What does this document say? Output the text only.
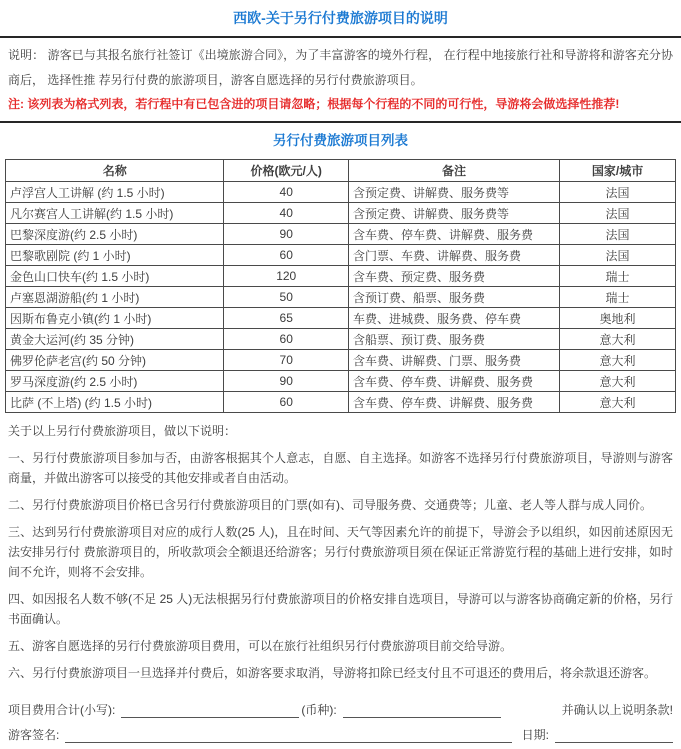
西欧-关于另行付费旅游项目的说明

说明： 游客已与其报名旅行社签订《出境旅游合同》，为了丰富游客的境外行程， 在行程中地接旅行社和导游将和游客充分协商后， 选择性推 荐另行付费的旅游项目，游客自愿选择的另行付费旅游项目。

注: 该列表为格式列表，若行程中有已包含进的项目请忽略；根据每个行程的不同的可行性，导游将会做选择性推荐!

另行付费旅游项目列表
名称	价格(欧元/人)	备注	国家/城市
卢浮宫人工讲解 (约 1.5 小时)	40	含预定费、讲解费、服务费等	法国
凡尔赛宫人工讲解(约 1.5 小时)	40	含预定费、讲解费、服务费等	法国
巴黎深度游(约 2.5 小时)	90	含车费、停车费、讲解费、服务费	法国
巴黎歌剧院 (约 1 小时)	60	含门票、车费、讲解费、服务费	法国
金色山口快车(约 1.5 小时)	120	含车费、预定费、服务费	瑞士
卢塞恩湖游船(约 1 小时)	50	含预订费、船票、服务费	瑞士
因斯布鲁克小镇(约 1 小时)	65	车费、进城费、服务费、停车费	奥地利
黄金大运河(约 35 分钟)	60	含船票、预订费、服务费	意大利
佛罗伦萨老宫(约 50 分钟)	70	含车费、讲解费、门票、服务费	意大利
罗马深度游(约 2.5 小时)	90	含车费、停车费、讲解费、服务费	意大利
比萨 (不上塔) (约 1.5 小时)	60	含车费、停车费、讲解费、服务费	意大利

关于以上另行付费旅游项目，做以下说明：

一、另行付费旅游项目参加与否，由游客根据其个人意志，自愿、自主选择。如游客不选择另行付费旅游项目，导游则与游客商量，并做出游客可以接受的其他安排或者自由活动。

二、另行付费旅游项目价格已含另行付费旅游项目的门票(如有)、司导服务费、交通费等；儿童、老人等人群与成人同价。

三、达到另行付费旅游项目对应的成行人数(25 人)，且在时间、天气等因素允许的前提下，导游会予以组织，如因前述原因无法安排另行付 费旅游项目的，所收款项会全额退还给游客；另行付费旅游项目须在保证正常游览行程的基础上进行安排，如时间不允许，则将不会安排。

四、如因报名人数不够(不足 25 人)无法根据另行付费旅游项目的价格安排自选项目，导游可以与游客协商确定新的价格，另行书面确认。

五、游客自愿选择的另行付费旅游项目费用，可以在旅行社组织另行付费旅游项目前交给导游。

六、另行付费旅游项目一旦选择并付费后，如游客要求取消，导游将扣除已经支付且不可退还的费用后，将余款退还游客。

项目费用合计(小写):	(币种):	并确认以上说明条款!
游客签名:	日期:
